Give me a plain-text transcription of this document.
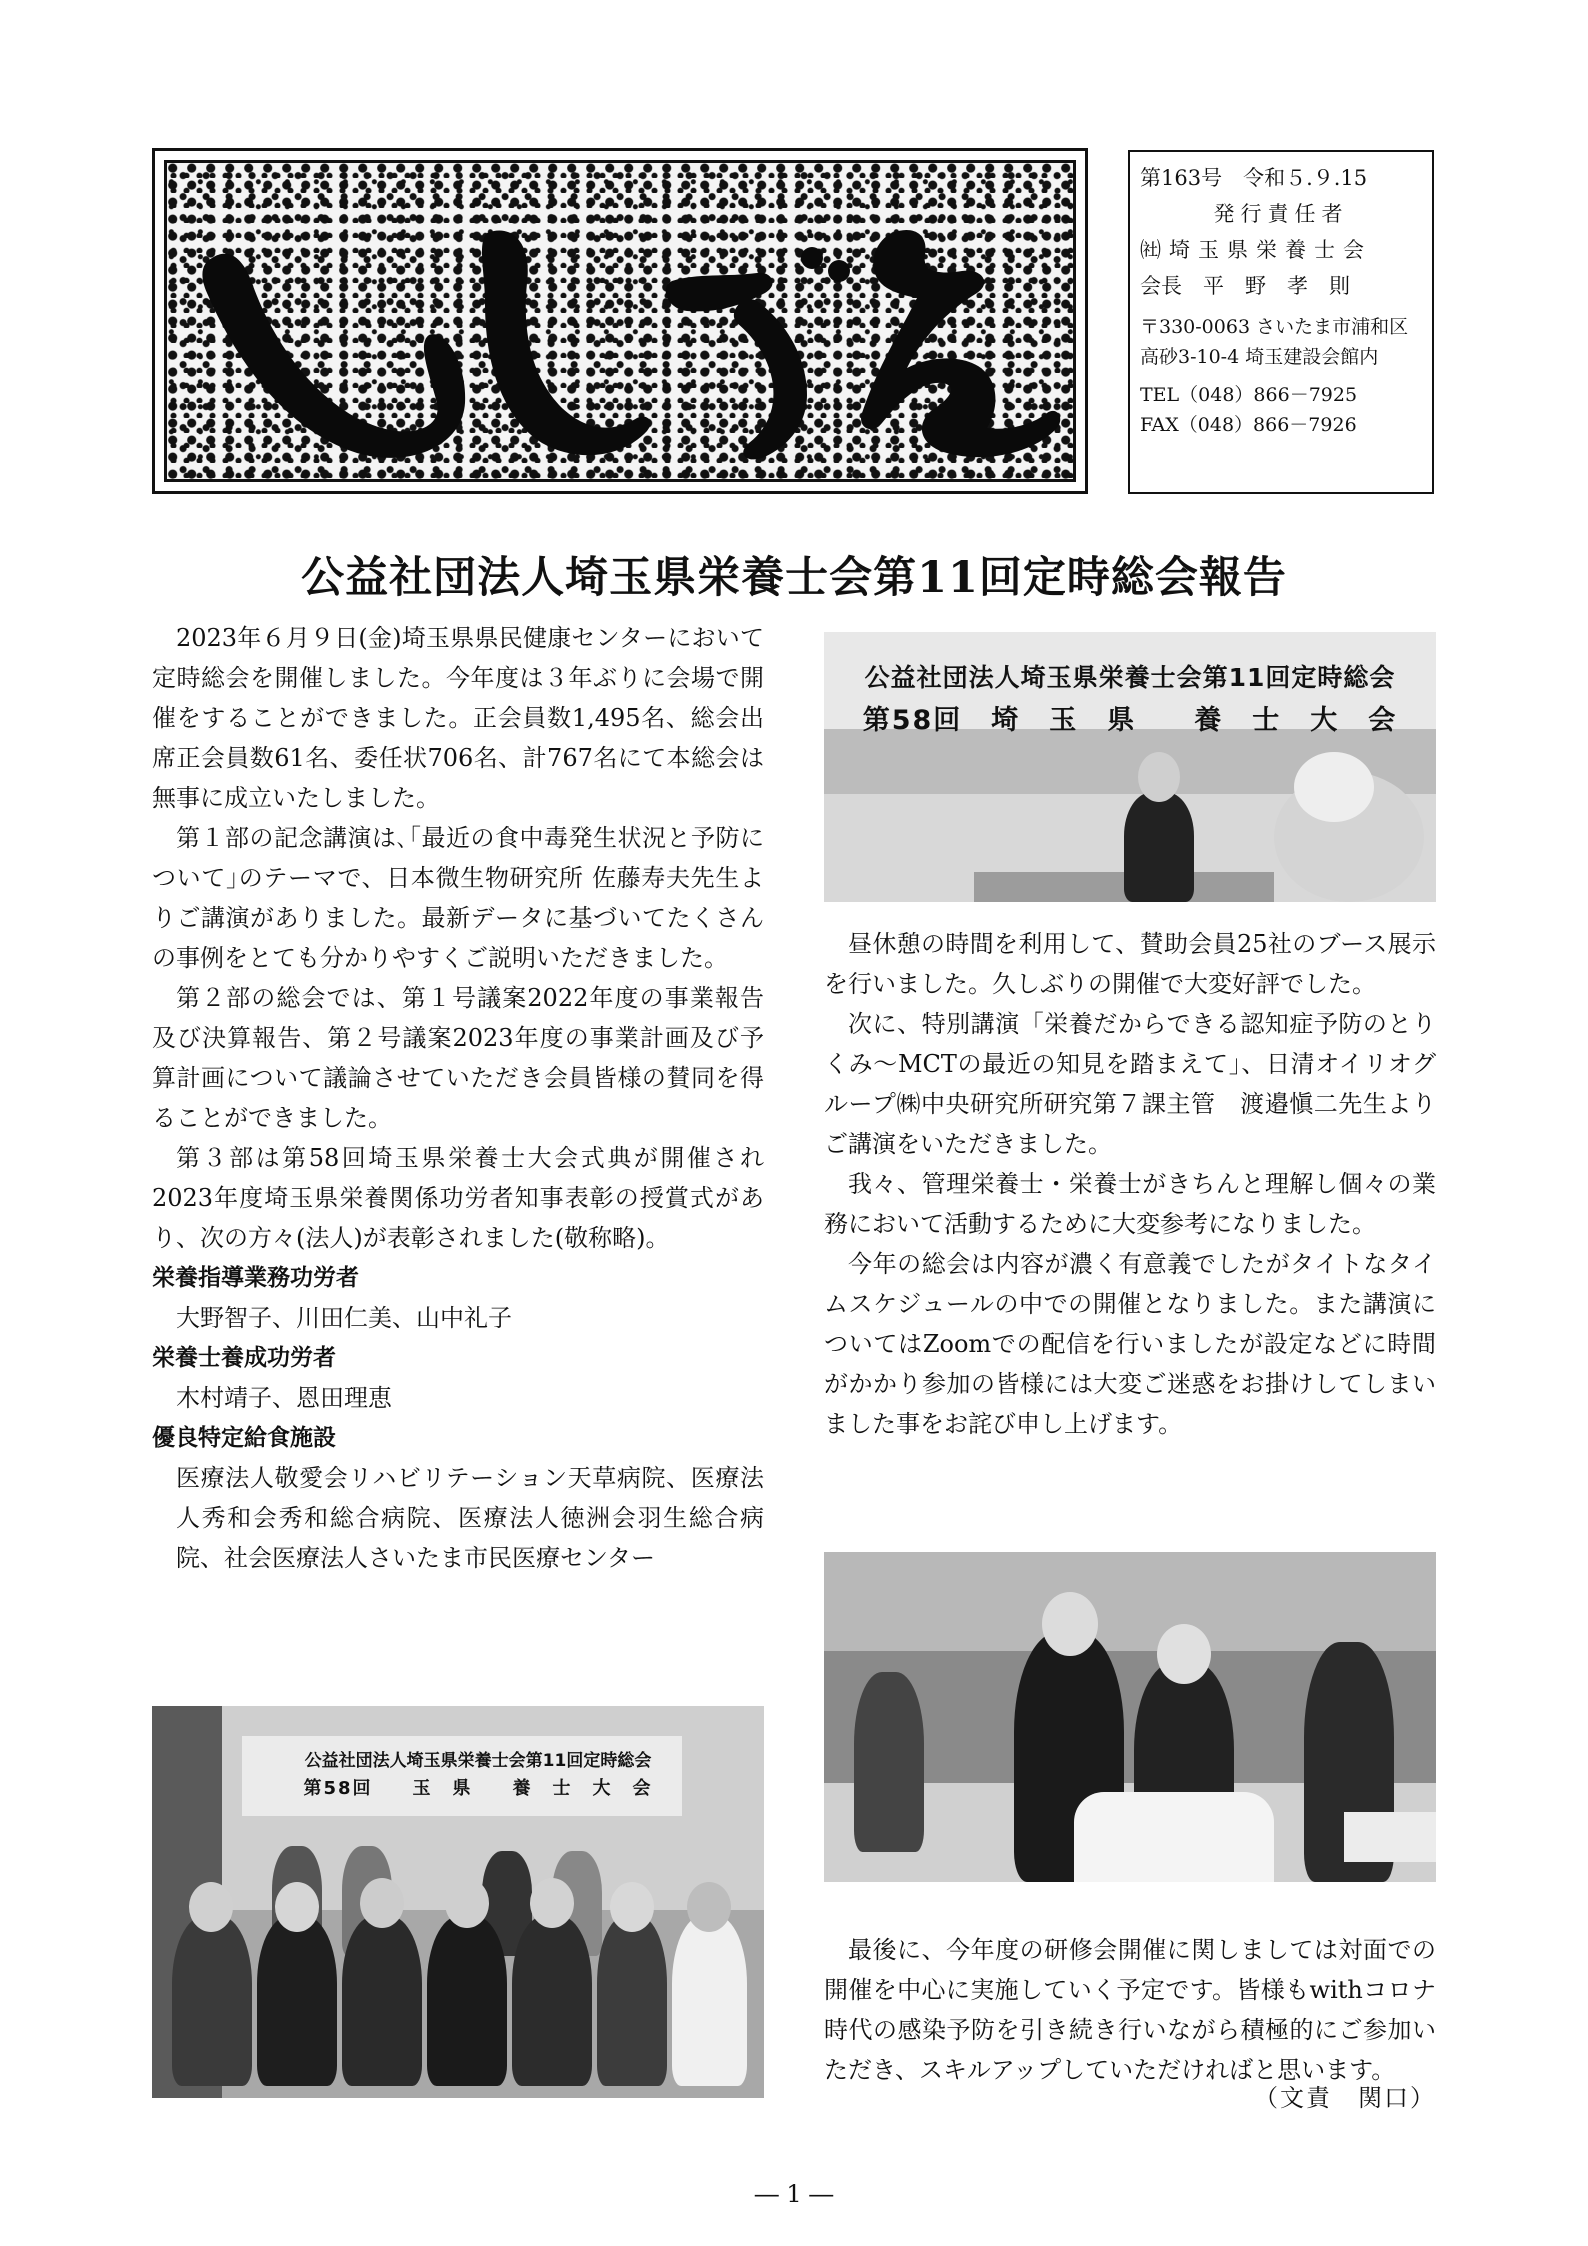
第163号　令和５.９.15
発行責任者
㈳埼玉県栄養士会
会長　平　野　孝　則
〒330-0063 さいたま市浦和区
高砂3-10-4 埼玉建設会館内
TEL（048）866－7925
FAX（048）866－7926
公益社団法人埼玉県栄養士会第11回定時総会報告

2023年６月９日(金)埼玉県県民健康センターにおいて定時総会を開催しました。今年度は３年ぶりに会場で開催をすることができました。正会員数1,495名、総会出席正会員数61名、委任状706名、計767名にて本総会は無事に成立いたしました。

第１部の記念講演は､｢最近の食中毒発生状況と予防について｣のテーマで、日本微生物研究所 佐藤寿夫先生よりご講演がありました。最新データに基づいてたくさんの事例をとても分かりやすくご説明いただきました。

第２部の総会では、第１号議案2022年度の事業報告及び決算報告、第２号議案2023年度の事業計画及び予算計画について議論させていただき会員皆様の賛同を得ることができました。

第３部は第58回埼玉県栄養士大会式典が開催され2023年度埼玉県栄養関係功労者知事表彰の授賞式があり、次の方々(法人)が表彰されました(敬称略)。

栄養指導業務功労者

大野智子、川田仁美、山中礼子

栄養士養成功労者

木村靖子、恩田理恵

優良特定給食施設

医療法人敬愛会リハビリテーション天草病院、医療法人秀和会秀和総合病院、医療法人徳洲会羽生総合病院、社会医療法人さいたま市民医療センター

公益社団法人埼玉県栄養士会第11回定時総会
第58回　埼　玉　県　　養　士　大　会

昼休憩の時間を利用して、賛助会員25社のブース展示を行いました。久しぶりの開催で大変好評でした。

次に、特別講演「栄養だからできる認知症予防のとりくみ～MCTの最近の知見を踏まえて」、日清オイリオグループ㈱中央研究所研究第７課主管　渡邉愼二先生よりご講演をいただきました。

我々、管理栄養士・栄養士がきちんと理解し個々の業務において活動するために大変参考になりました。

今年の総会は内容が濃く有意義でしたがタイトなタイムスケジュールの中での開催となりました。また講演についてはZoomでの配信を行いましたが設定などに時間がかかり参加の皆様には大変ご迷惑をお掛けしてしまいました事をお詫び申し上げます。

最後に、今年度の研修会開催に関しましては対面での開催を中心に実施していく予定です。皆様もwithコロナ時代の感染予防を引き続き行いながら積極的にご参加いただき、スキルアップしていただければと思います。

（文責　関口）
公益社団法人埼玉県栄養士会第11回定時総会
第58回　　玉　県　　養　士　大　会
― 1 ―
